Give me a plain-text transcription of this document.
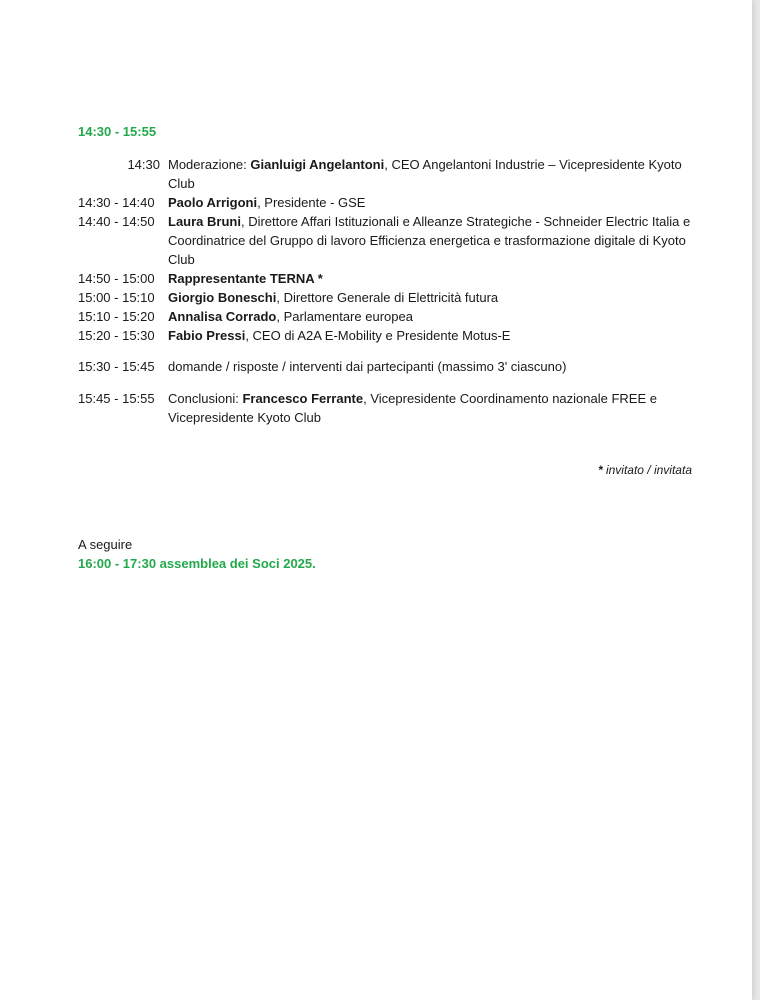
14:30 - 15:55
14:30 Moderazione: Gianluigi Angelantoni, CEO Angelantoni Industrie – Vicepresidente Kyoto Club
14:30 - 14:40	Paolo Arrigoni, Presidente - GSE
14:40 - 14:50	Laura Bruni, Direttore Affari Istituzionali e Alleanze Strategiche - Schneider Electric Italia e Coordinatrice del Gruppo di lavoro Efficienza energetica e trasformazione digitale di Kyoto Club
14:50 - 15:00	Rappresentante TERNA *
15:00 - 15:10	Giorgio Boneschi, Direttore Generale di Elettricità futura
15:10 - 15:20	Annalisa Corrado, Parlamentare europea
15:20 - 15:30	Fabio Pressi, CEO di A2A E-Mobility e Presidente Motus-E
15:30 - 15:45	domande / risposte / interventi dai partecipanti (massimo 3' ciascuno)
15:45 - 15:55	Conclusioni: Francesco Ferrante, Vicepresidente Coordinamento nazionale FREE e Vicepresidente Kyoto Club
* invitato / invitata
A seguire
16:00 - 17:30 assemblea dei Soci 2025.
